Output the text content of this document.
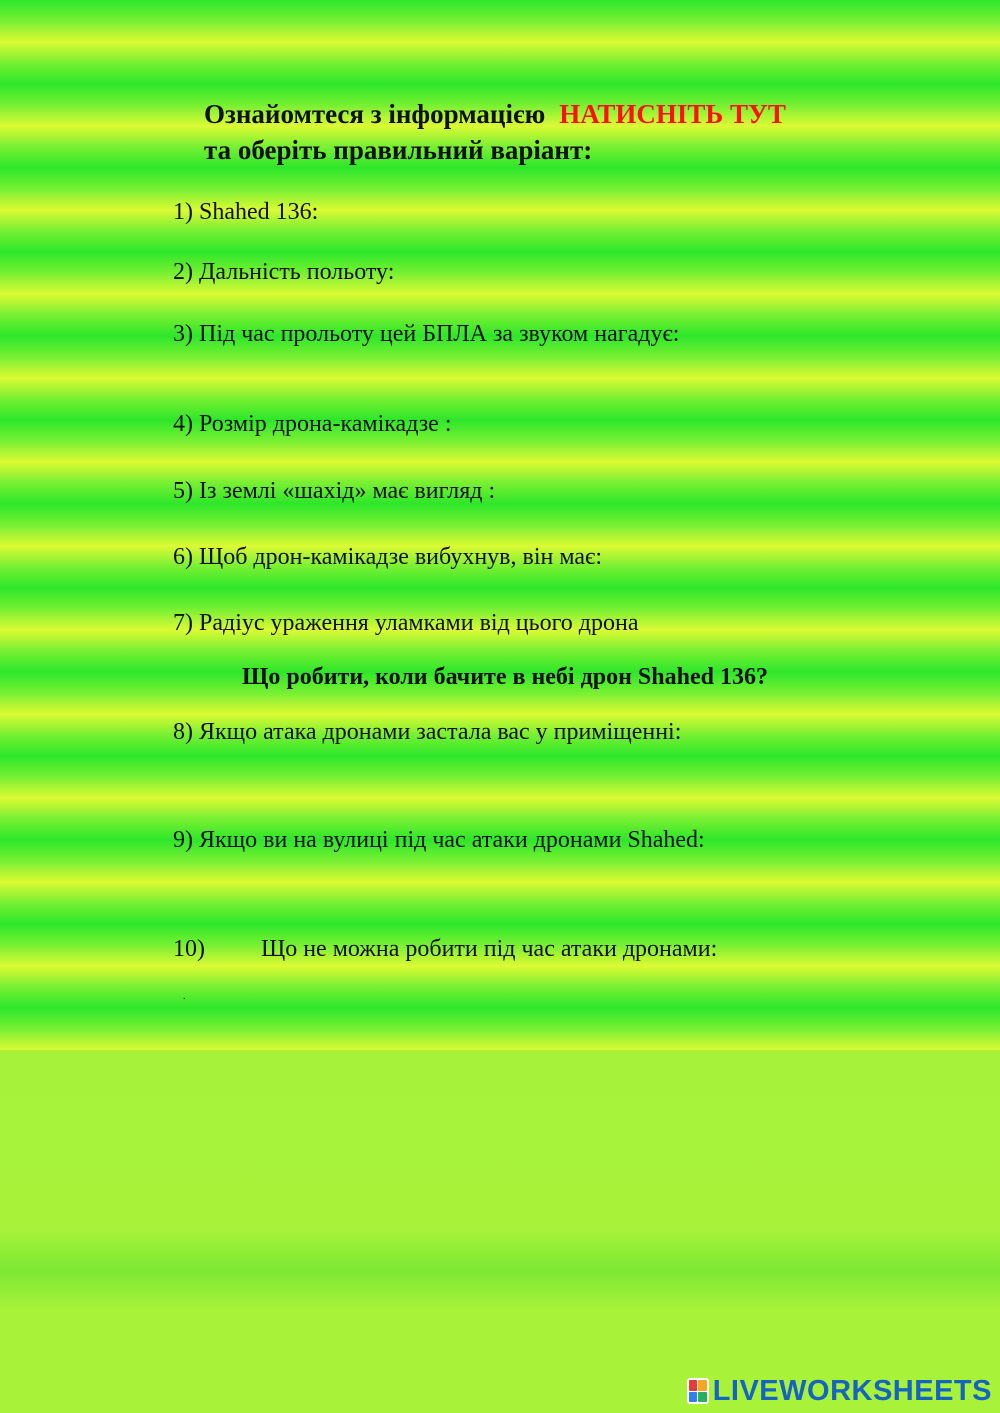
Ознайомтеся з інформацією НАТИСНІТЬ ТУТ
та оберіть правильний варіант:
1) Shahed 136:
2) Дальність польоту:
3) Під час прольоту цей БПЛА за звуком нагадує:
4) Розмір дрона-камікадзе :
5) Із землі «шахід» має вигляд :
6) Щоб дрон-камікадзе вибухнув, він має:
7) Радіус ураження уламками від цього дрона
Що робити, коли бачите в небі дрон Shahed 136?
8) Якщо атака дронами застала вас у приміщенні:
9) Якщо ви на вулиці під час атаки дронами Shahed:
10) Що не можна робити під час атаки дронами:
.
LIVEWORKSHEETS
